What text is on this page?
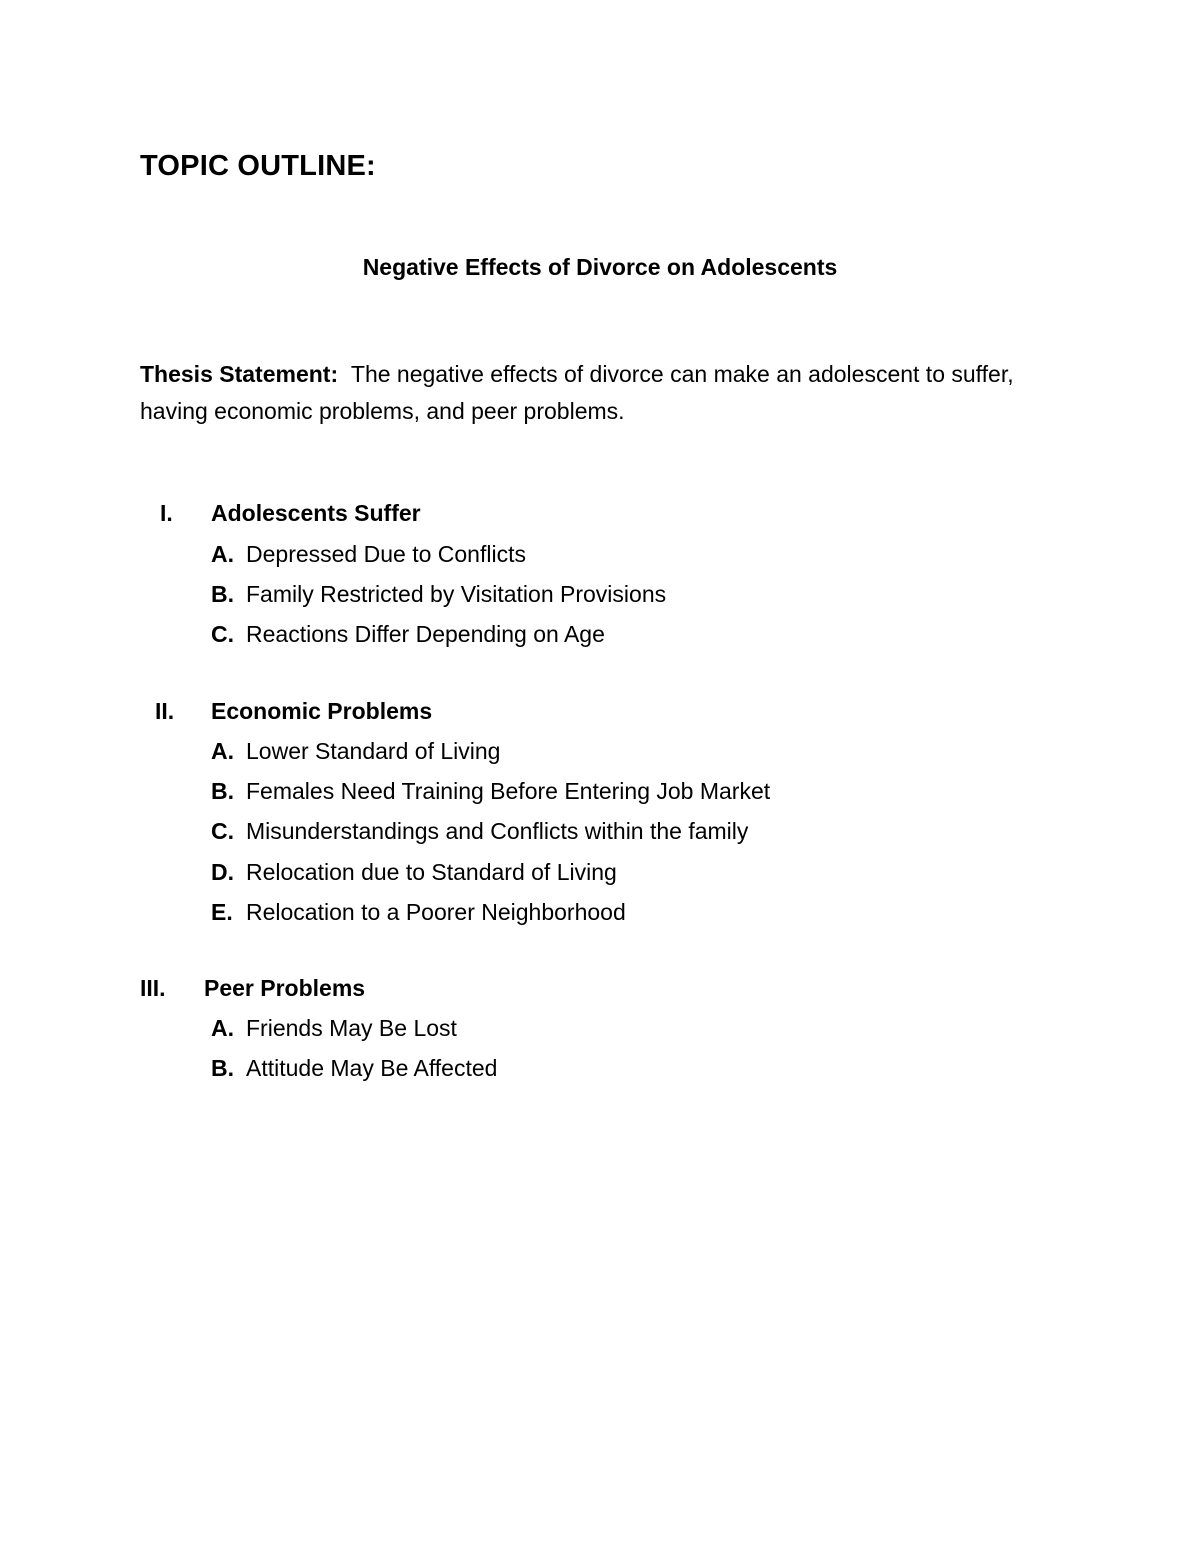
TOPIC OUTLINE:
Negative Effects of Divorce on Adolescents
Thesis Statement: The negative effects of divorce can make an adolescent to suffer, having economic problems, and peer problems.
I. Adolescents Suffer
A. Depressed Due to Conflicts
B. Family Restricted by Visitation Provisions
C. Reactions Differ Depending on Age
II. Economic Problems
A. Lower Standard of Living
B. Females Need Training Before Entering Job Market
C. Misunderstandings and Conflicts within the family
D. Relocation due to Standard of Living
E. Relocation to a Poorer Neighborhood
III. Peer Problems
A. Friends May Be Lost
B. Attitude May Be Affected
